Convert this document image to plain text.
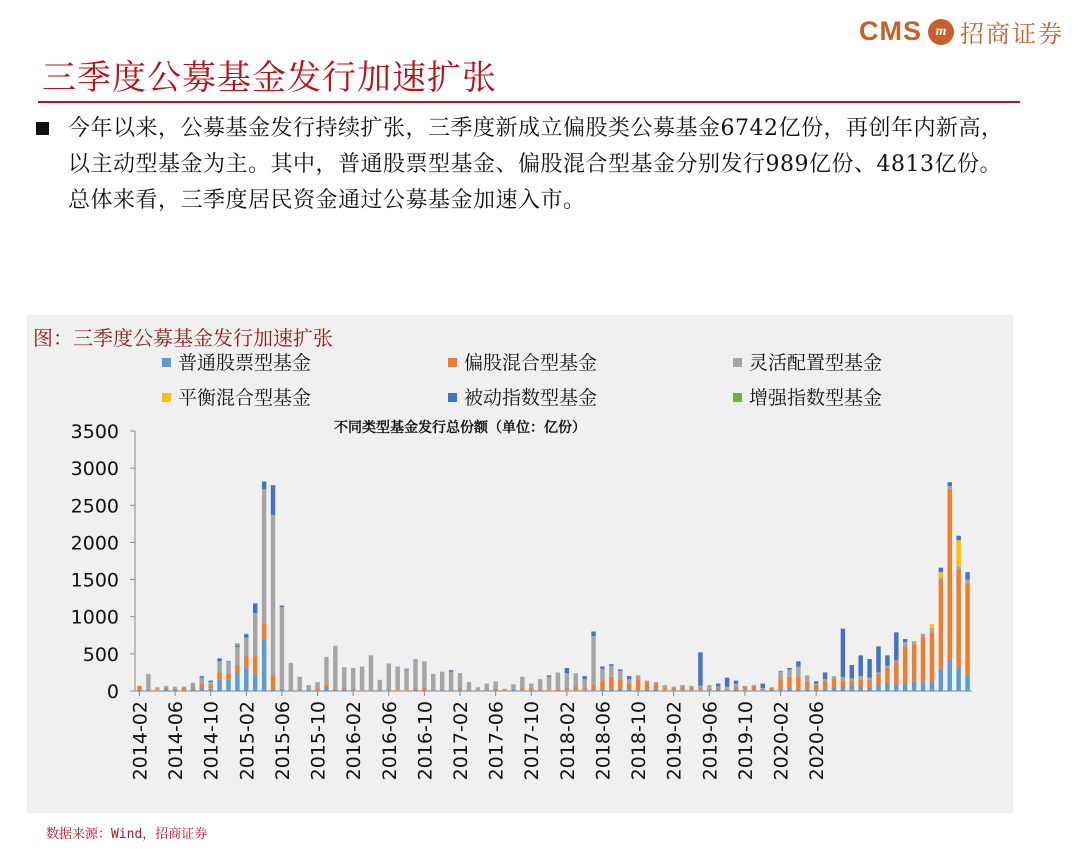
CMS m 招商证券
三季度公募基金发行加速扩张
今年以来，公募基金发行持续扩张，三季度新成立偏股类公募基金6742亿份，再创年内新高，以主动型基金为主。其中，普通股票型基金、偏股混合型基金分别发行989亿份、4813亿份。总体来看，三季度居民资金通过公募基金加速入市。
图：三季度公募基金发行加速扩张
普通股票型基金	偏股混合型基金	灵活配置型基金
平衡混合型基金	被动指数型基金	增强指数型基金
不同类型基金发行总份额（单位：亿份）
0
500
1000
1500
2000
2500
3000
3500
2014-02 2014-06 2014-10 2015-02 2015-06 2015-10 2016-02 2016-06 2016-10 2017-02 2017-06 2017-10 2018-02 2018-06 2018-10 2019-02 2019-06 2019-10 2020-02 2020-06
数据来源：Wind，招商证券
